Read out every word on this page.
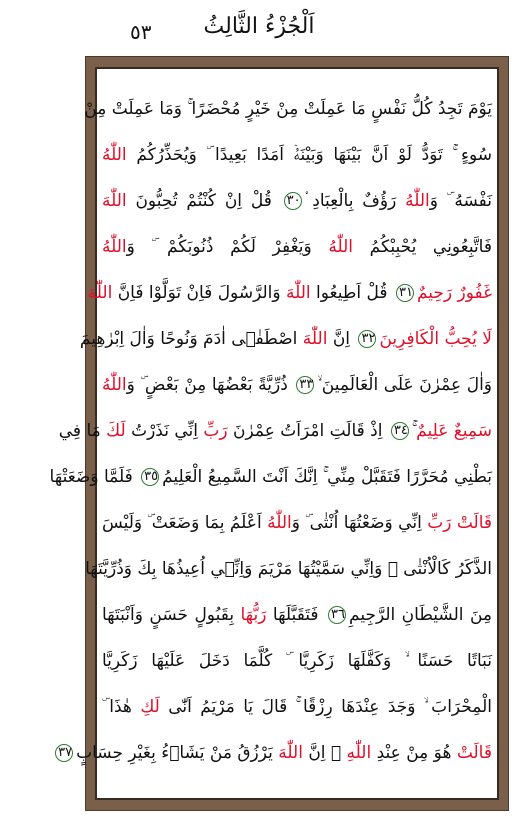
٥٣	اَلْجُزْءُ الثَّالِثُ
يَوْمَ تَجِدُ كُلُّ نَفْسٍ مَا عَمِلَتْ مِنْ خَيْرٍ مُحْضَرًا ۚ وَمَا عَمِلَتْ مِنْ
سُوءٍ ۚ تَوَدُّ لَوْ اَنَّ بَيْنَهَا وَبَيْنَهُۤ اَمَدًا بَعِيدًا ۜ وَيُحَذِّرُكُمُ اللّٰهُ
نَفْسَهُ ۜ وَاللّٰهُ رَؤُفٌ بِالْعِبَادِ ۟٣٠ قُلْ اِنْ كُنْتُمْ تُحِبُّونَ اللّٰهَ
فَاتَّبِعُونِي يُحْبِبْكُمُ اللّٰهُ وَيَغْفِرْ لَكُمْ ذُنُوبَكُمْ ۜ وَاللّٰهُ
غَفُورٌ رَحِيمٌ٣١ قُلْ اَطِيعُوا اللّٰهَ وَالرَّسُولَ فَاِنْ تَوَلَّوْا فَاِنَّ اللّٰهَ
لَا يُحِبُّ الْكَافِرِينَ٣٢ اِنَّ اللّٰهَ اصْطَفٰۤى اٰدَمَ وَنُوحًا وَاٰلَ اِبْرٰهِيمَ
وَاٰلَ عِمْرٰنَ عَلَى الْعَالَمِينَ ۙ٣٣ ذُرِّيَّةً بَعْضُهَا مِنْ بَعْضٍ ۜ وَاللّٰهُ
سَمِيعٌ عَلِيمٌ ۚ٣٤ اِذْ قَالَتِ امْرَاَتُ عِمْرٰنَ رَبِّ اِنِّي نَذَرْتُ لَكَ مَا فِي
بَطْنِي مُحَرَّرًا فَتَقَبَّلْ مِنِّي ۚ اِنَّكَ اَنْتَ السَّمِيعُ الْعَلِيمُ٣٥ فَلَمَّا وَضَعَتْهَا
قَالَتْ رَبِّ اِنِّي وَضَعْتُهَا اُنْثٰى ۜ وَاللّٰهُ اَعْلَمُ بِمَا وَضَعَتْ ۜ وَلَيْسَ
الذَّكَرُ كَالْاُنْثٰى ۚ وَاِنِّي سَمَّيْتُهَا مَرْيَمَ وَاِنِّۤي اُعِيذُهَا بِكَ وَذُرِّيَّتَهَا
مِنَ الشَّيْطَانِ الرَّجِيمِ٣٦ فَتَقَبَّلَهَا رَبُّهَا بِقَبُولٍ حَسَنٍ وَاَنْبَتَهَا
نَبَاتًا حَسَنًا ۙ وَكَفَّلَهَا زَكَرِيَّا ۜ كُلَّمَا دَخَلَ عَلَيْهَا زَكَرِيَّا
الْمِحْرَابَ ۙ وَجَدَ عِنْدَهَا رِزْقًا ۚ قَالَ يَا مَرْيَمُ اَنّٰى لَكِ هٰذَا ۜ
قَالَتْ هُوَ مِنْ عِنْدِ اللّٰهِ ۜ اِنَّ اللّٰهَ يَرْزُقُ مَنْ يَشَاۤءُ بِغَيْرِ حِسَابٍ٣٧
